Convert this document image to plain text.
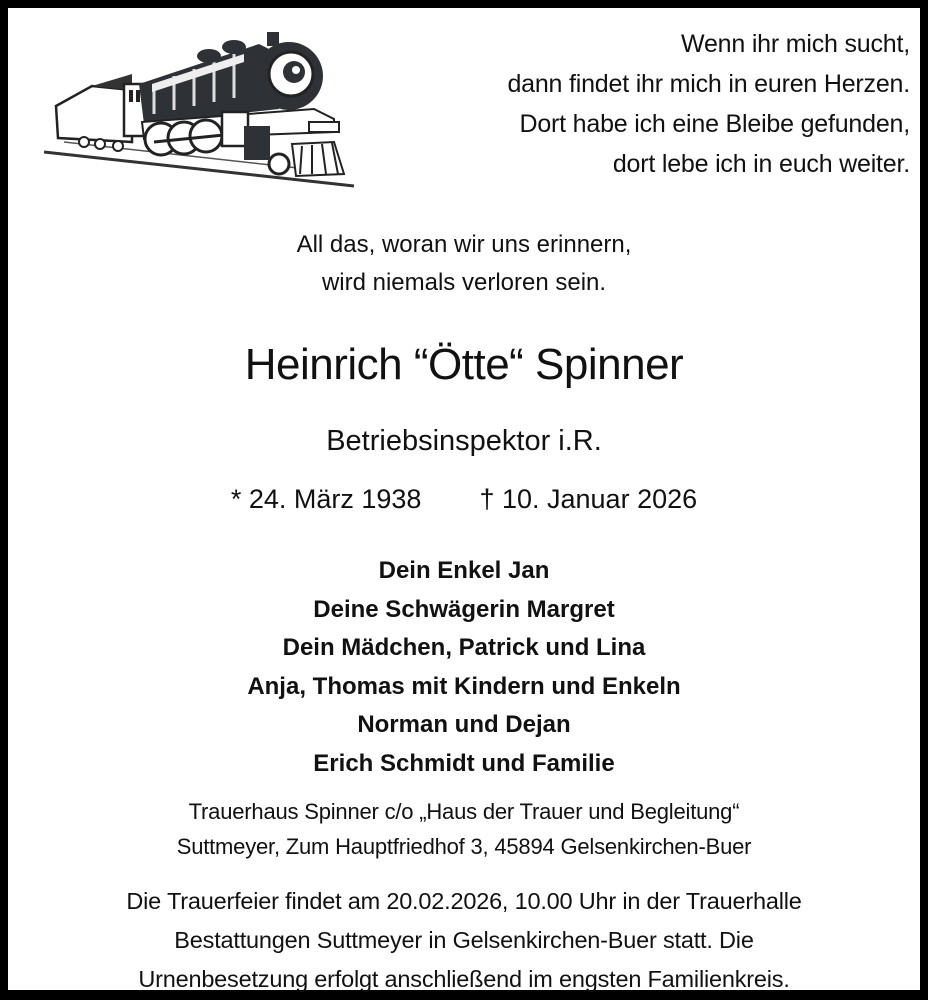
Wenn ihr mich sucht,
dann findet ihr mich in euren Herzen.
Dort habe ich eine Bleibe gefunden,
dort lebe ich in euch weiter.
All das, woran wir uns erinnern,
wird niemals verloren sein.
Heinrich “Ötte“ Spinner
Betriebsinspektor i.R.
* 24. März 1938 † 10. Januar 2026
Dein Enkel Jan
Deine Schwägerin Margret
Dein Mädchen, Patrick und Lina
Anja, Thomas mit Kindern und Enkeln
Norman und Dejan
Erich Schmidt und Familie
Trauerhaus Spinner c/o „Haus der Trauer und Begleitung“
Suttmeyer, Zum Hauptfriedhof 3, 45894 Gelsenkirchen-Buer
Die Trauerfeier findet am 20.02.2026, 10.00 Uhr in der Trauerhalle
Bestattungen Suttmeyer in Gelsenkirchen-Buer statt. Die
Urnenbesetzung erfolgt anschließend im engsten Familienkreis.
